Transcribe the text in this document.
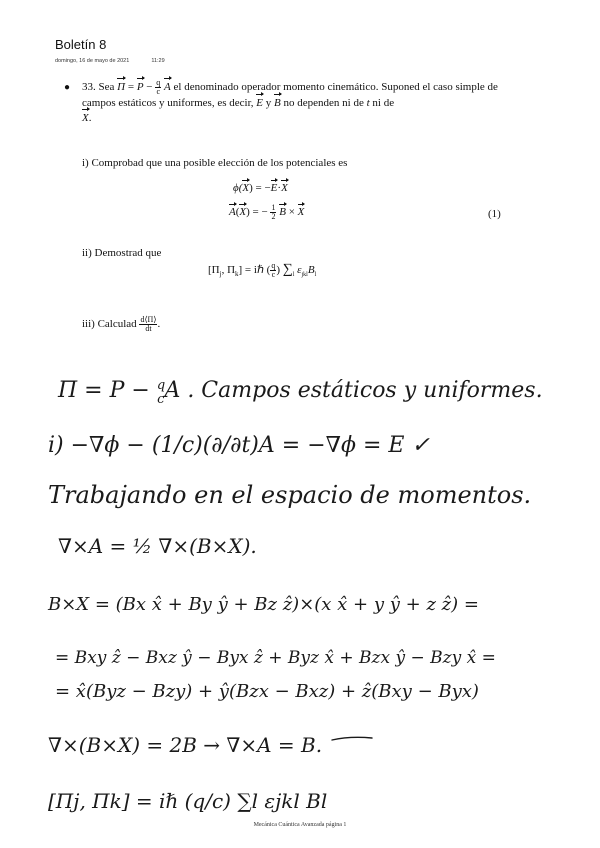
Boletín 8
domingo, 16 de mayo de 2021	11:29
● 33. Sea $\Pi = P - \frac{q}{c}$ A el denominado operador momento cinemático. Suponed el caso simple de campos estáticos y uniformes, es decir, E y B no dependen ni de t ni de
X.
i) Comprobad que una posible elección de los potenciales es
ϕ(X) = −E·X
A(X) = − $\frac{1}{2}$ B × X	(1)
ii) Demostrad que
[$\Pi_j$, $\Pi_k$] = iℏ ( $\frac{q}{c}$ ) $\sum_l$ $\varepsilon_{jkl}B_l$
iii) Calculad $\frac{d⟨\Pi⟩}{dt}$ .
Π = P − $^q$ cA . Campos estáticos y uniformes.
i) −∇ϕ − (1/c)(∂/∂t)A = −∇ϕ = E ✓
Trabajando en el espacio de momentos.
∇×A = ½ ∇×(B×X).
B×X = (Bx x̂ + By ŷ + Bz ẑ)×(x x̂ + y ŷ + z ẑ) =
= Bxy ẑ − Bxz ŷ − Byx ẑ + Byz x̂ + Bzx ŷ − Bzy x̂ =
= x̂(Byz − Bzy) + ŷ(Bzx − Bxz) + ẑ(Bxy − Byx)
∇×(B×X) = 2B → ∇×A = B.
[Πj, Πk] = iℏ (q/c) ∑l εjkl Bl
Mecánica Cuántica Avanzada página 1
